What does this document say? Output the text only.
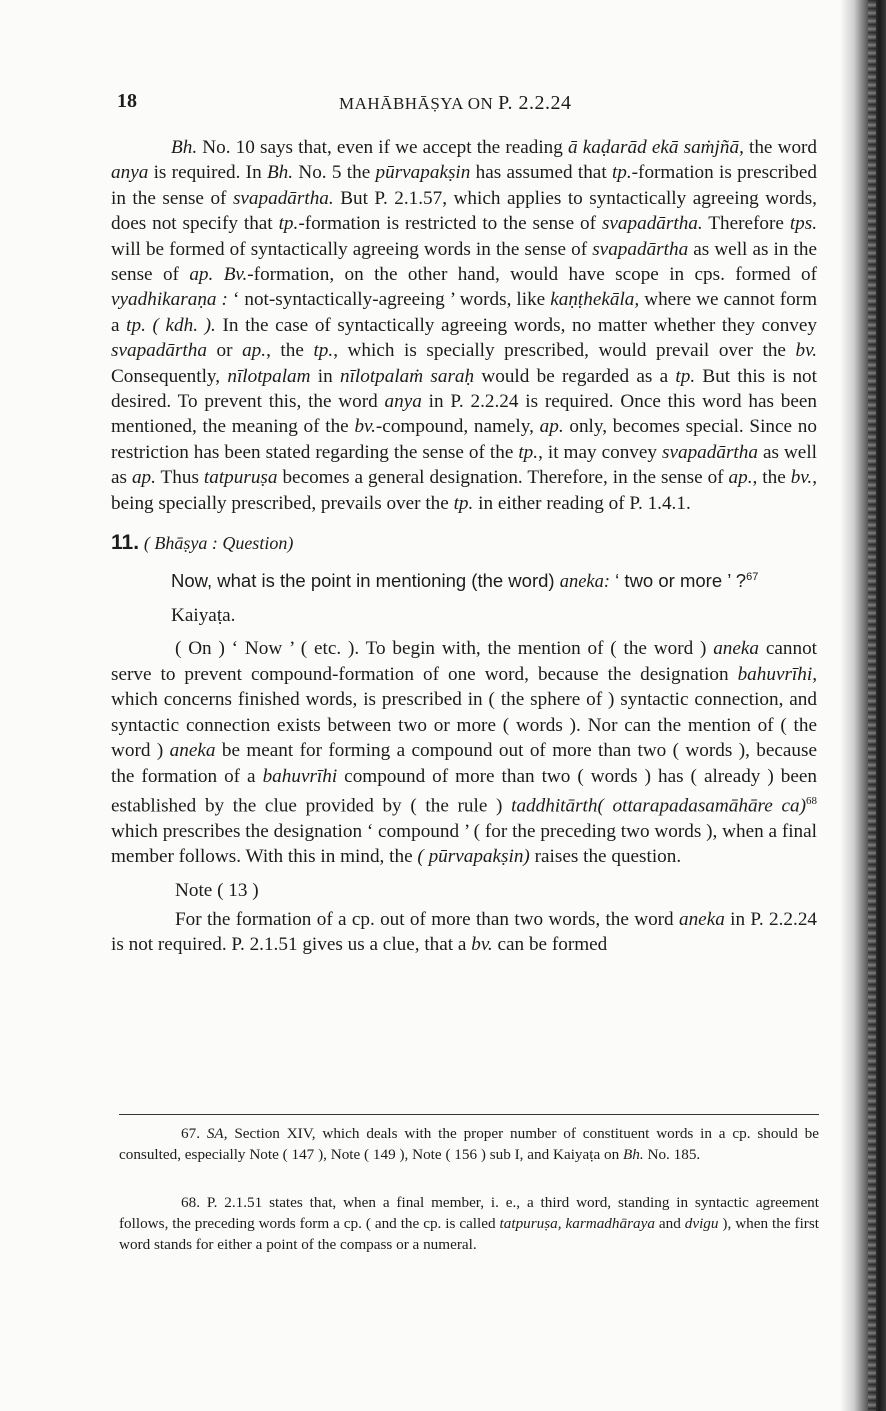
18	MAHĀBHĀṢYA ON P. 2.2.24

Bh. No. 10 says that, even if we accept the reading ā kaḍarād ekā saṁjñā, the word anya is required. In Bh. No. 5 the pūrvapakṣin has assumed that tp.-formation is prescribed in the sense of svapadārtha. But P. 2.1.57, which applies to syntactically agreeing words, does not specify that tp.-formation is restricted to the sense of svapadārtha. Therefore tps. will be formed of syntactically agreeing words in the sense of svapadārtha as well as in the sense of ap. Bv.-formation, on the other hand, would have scope in cps. formed of vyadhikaraṇa : ‘ not-syntactically-agreeing ’ words, like kaṇṭhekāla, where we cannot form a tp. ( kdh. ). In the case of syntactically agreeing words, no matter whether they convey svapadārtha or ap., the tp., which is specially prescribed, would prevail over the bv. Consequently, nīlotpalam in nīlotpalaṁ saraḥ would be regarded as a tp. But this is not desired. To prevent this, the word anya in P. 2.2.24 is required. Once this word has been mentioned, the meaning of the bv.-compound, namely, ap. only, becomes special. Since no restriction has been stated regarding the sense of the tp., it may convey svapadārtha as well as ap. Thus tatpuruṣa becomes a general designation. Therefore, in the sense of ap., the bv., being specially prescribed, prevails over the tp. in either reading of P. 1.4.1.

11. ( Bhāṣya : Question)

Now, what is the point in mentioning (the word) aneka: ‘ two or more ’ ?$^{67}$

Kaiyaṭa.

( On ) ‘ Now ’ ( etc. ). To begin with, the mention of ( the word ) aneka cannot serve to prevent compound-formation of one word, because the designation bahuvrīhi, which concerns finished words, is prescribed in ( the sphere of ) syntactic connection, and syntactic connection exists between two or more ( words ). Nor can the mention of ( the word ) aneka be meant for forming a compound out of more than two ( words ), because the formation of a bahuvrīhi compound of more than two ( words ) has ( already ) been established by the clue provided by ( the rule ) taddhitārth( ottarapadasamāhāre ca)$^{68}$ which prescribes the designation ‘ compound ’ ( for the preceding two words ), when a final member follows. With this in mind, the ( pūrvapakṣin) raises the question.

Note ( 13 )

For the formation of a cp. out of more than two words, the word aneka in P. 2.2.24 is not required. P. 2.1.51 gives us a clue, that a bv. can be formed

67. SA, Section XIV, which deals with the proper number of constituent words in a cp. should be consulted, especially Note ( 147 ), Note ( 149 ), Note ( 156 ) sub I, and Kaiyaṭa on Bh. No. 185.

68. P. 2.1.51 states that, when a final member, i. e., a third word, standing in syntactic agreement follows, the preceding words form a cp. ( and the cp. is called tatpuruṣa, karmadhāraya and dvigu ), when the first word stands for either a point of the compass or a numeral.
